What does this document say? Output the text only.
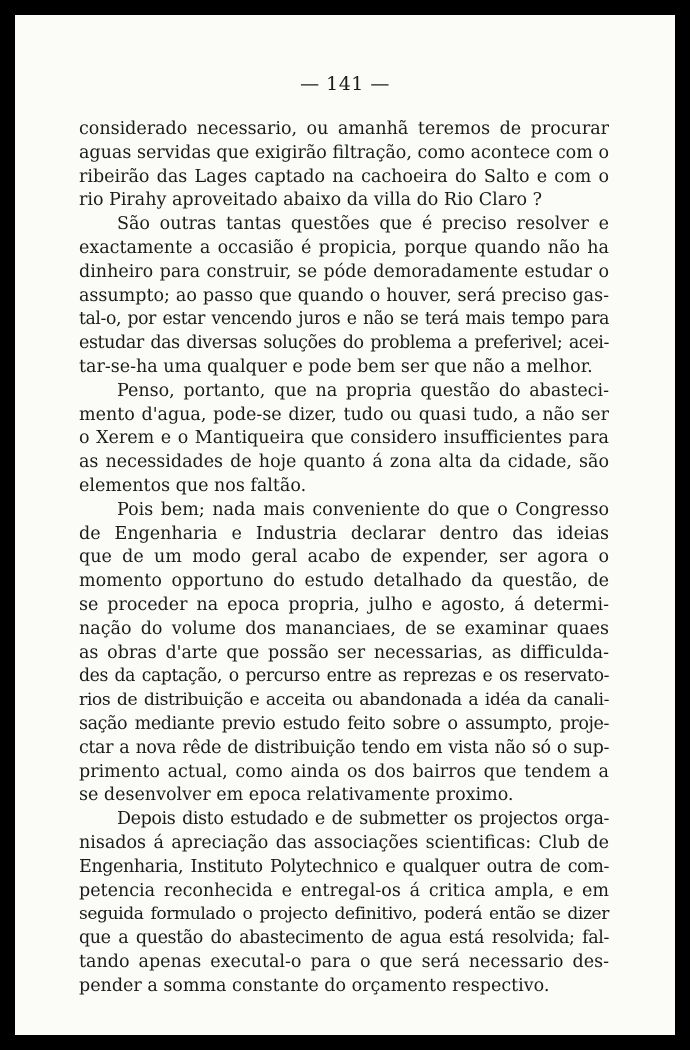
— 141 —
considerado necessario, ou amanhã teremos de procurar
aguas servidas que exigirão filtração, como acontece com o
ribeirão das Lages captado na cachoeira do Salto e com o
rio Pirahy aproveitado abaixo da villa do Rio Claro ?
São outras tantas questões que é preciso resolver e
exactamente a occasião é propicia, porque quando não ha
dinheiro para construir, se póde demoradamente estudar o
assumpto; ao passo que quando o houver, será preciso gas-
tal-o, por estar vencendo juros e não se terá mais tempo para
estudar das diversas soluções do problema a preferivel; acei-
tar-se-ha uma qualquer e pode bem ser que não a melhor.
Penso, portanto, que na propria questão do abasteci-
mento d'agua, pode-se dizer, tudo ou quasi tudo, a não ser
o Xerem e o Mantiqueira que considero insufficientes para
as necessidades de hoje quanto á zona alta da cidade, são
elementos que nos faltão.
Pois bem; nada mais conveniente do que o Congresso
de Engenharia e Industria declarar dentro das ideias
que de um modo geral acabo de expender, ser agora o
momento opportuno do estudo detalhado da questão, de
se proceder na epoca propria, julho e agosto, á determi-
nação do volume dos mananciaes, de se examinar quaes
as obras d'arte que possão ser necessarias, as difficulda-
des da captação, o percurso entre as reprezas e os reservato-
rios de distribuição e acceita ou abandonada a idéa da canali-
sação mediante previo estudo feito sobre o assumpto, proje-
ctar a nova rêde de distribuição tendo em vista não só o sup-
primento actual, como ainda os dos bairros que tendem a
se desenvolver em epoca relativamente proximo.
Depois disto estudado e de submetter os projectos orga-
nisados á apreciação das associações scientificas: Club de
Engenharia, Instituto Polytechnico e qualquer outra de com-
petencia reconhecida e entregal-os á critica ampla, e em
seguida formulado o projecto definitivo, poderá então se dizer
que a questão do abastecimento de agua está resolvida; fal-
tando apenas executal-o para o que será necessario des-
pender a somma constante do orçamento respectivo.
